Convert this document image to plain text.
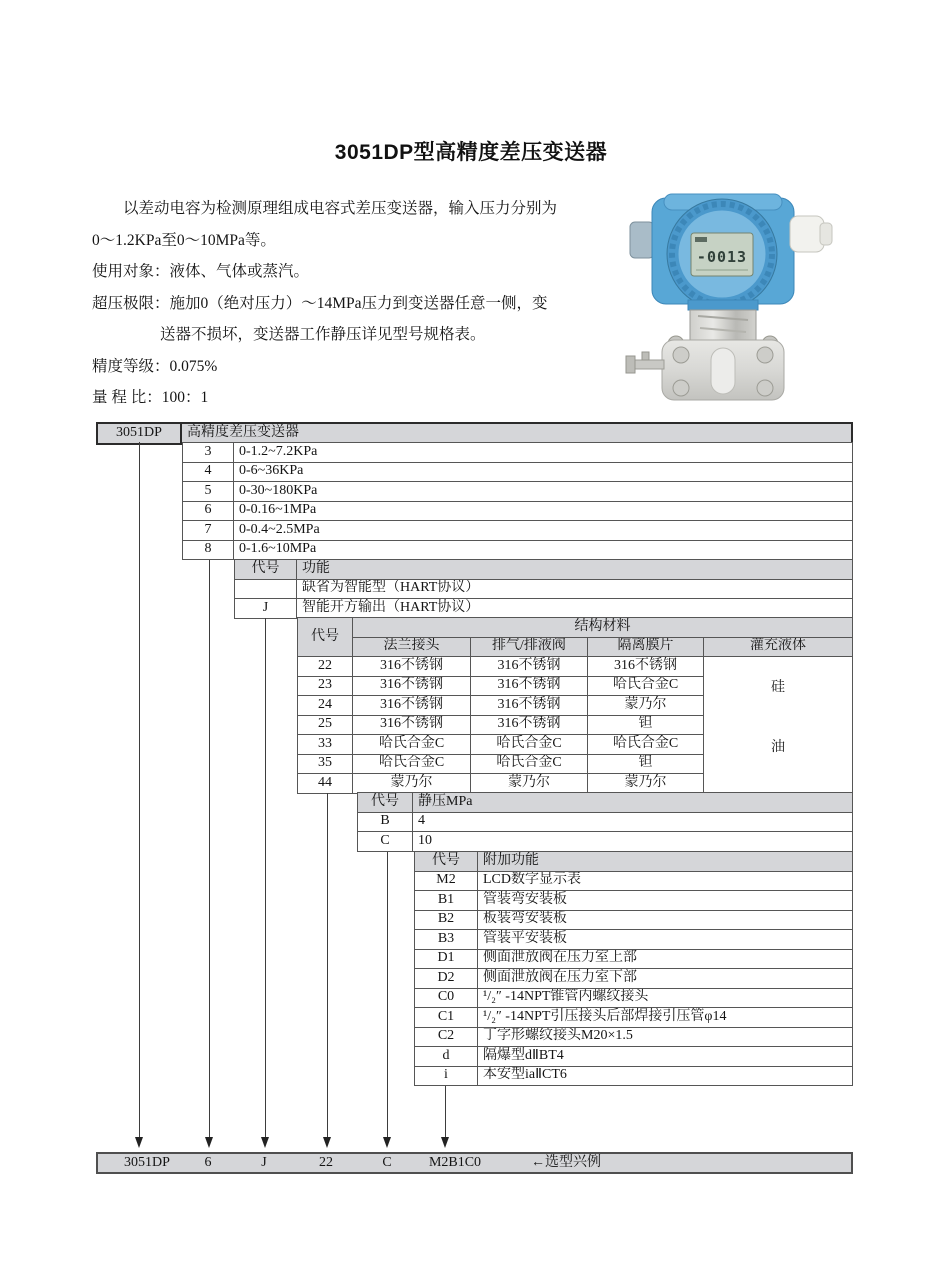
3051DP型高精度差压变送器
以差动电容为检测原理组成电容式差压变送器，输入压力分别为
0～1.2KPa至0～10MPa等。
使用对象：液体、气体或蒸汽。
超压极限：施加0（绝对压力）～14MPa压力到变送器任意一侧，变
送器不损坏，变送器工作静压详见型号规格表。
精度等级：0.075%
量 程 比：100：1
-0013
3051DP	高精度差压变送器
3	0-1.2~7.2KPa
4	0-6~36KPa
5	0-30~180KPa
6	0-0.16~1MPa
7	0-0.4~2.5MPa
8	0-1.6~10MPa
代号	功能
	缺省为智能型（HART协议）
J	智能开方输出（HART协议）
代号	结构材料			
	法兰接头	排气/排液阀	隔离膜片	灌充液体
22	316不锈钢	316不锈钢	316不锈钢	硅
油

23	316不锈钢	316不锈钢	哈氏合金C	
24	316不锈钢	316不锈钢	蒙乃尔	
25	316不锈钢	316不锈钢	钽	
33	哈氏合金C	哈氏合金C	哈氏合金C	
35	哈氏合金C	哈氏合金C	钽	
44	蒙乃尔	蒙乃尔	蒙乃尔	
代号	静压MPa
B	4
C	10
代号	附加功能
M2	LCD数字显示表
B1	管装弯安装板
B2	板装弯安装板
B3	管装平安装板
D1	侧面泄放阀在压力室上部
D2	侧面泄放阀在压力室下部
C0	¹/₂″ -14NPT锥管内螺纹接头
C1	¹/₂″ -14NPT引压接头后部焊接引压管φ14
C2	丁字形螺纹接头M20×1.5
d	隔爆型dⅡBT4
i	本安型iaⅡCT6
3051DP 6	J	22	C	M2B1C0	←选型兴例
